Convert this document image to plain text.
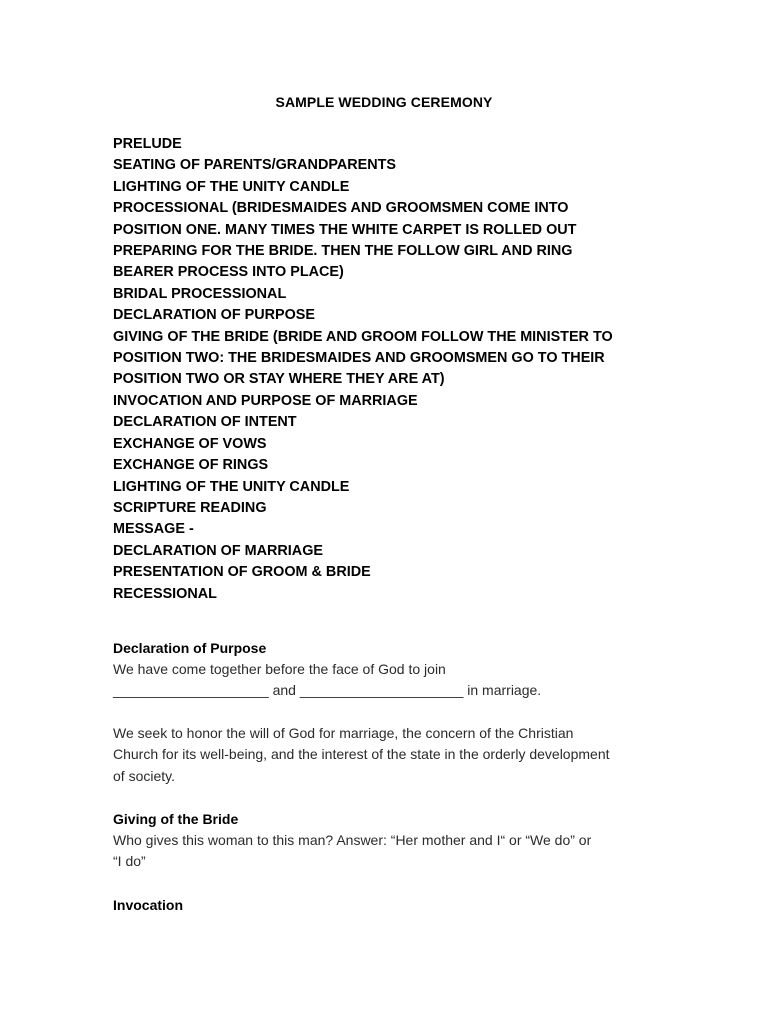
SAMPLE WEDDING CEREMONY
PRELUDE
SEATING OF PARENTS/GRANDPARENTS
LIGHTING OF THE UNITY CANDLE
PROCESSIONAL (BRIDESMAIDES AND GROOMSMEN COME INTO
POSITION ONE. MANY TIMES THE WHITE CARPET IS ROLLED OUT
PREPARING FOR THE BRIDE. THEN THE FOLLOW GIRL AND RING
BEARER PROCESS INTO PLACE)
BRIDAL PROCESSIONAL
DECLARATION OF PURPOSE
GIVING OF THE BRIDE (BRIDE AND GROOM FOLLOW THE MINISTER TO
POSITION TWO: THE BRIDESMAIDES AND GROOMSMEN GO TO THEIR
POSITION TWO OR STAY WHERE THEY ARE AT)
INVOCATION AND PURPOSE OF MARRIAGE
DECLARATION OF INTENT
EXCHANGE OF VOWS
EXCHANGE OF RINGS
LIGHTING OF THE UNITY CANDLE
SCRIPTURE READING
MESSAGE -
DECLARATION OF MARRIAGE
PRESENTATION OF GROOM & BRIDE
RECESSIONAL
Declaration of Purpose

We have come together before the face of God to join

____________________ and _____________________ in marriage.

We seek to honor the will of God for marriage, the concern of the Christian

Church for its well-being, and the interest of the state in the orderly development

of society.

Giving of the Bride

Who gives this woman to this man? Answer: “Her mother and I“ or “We do” or

“I do”

Invocation
